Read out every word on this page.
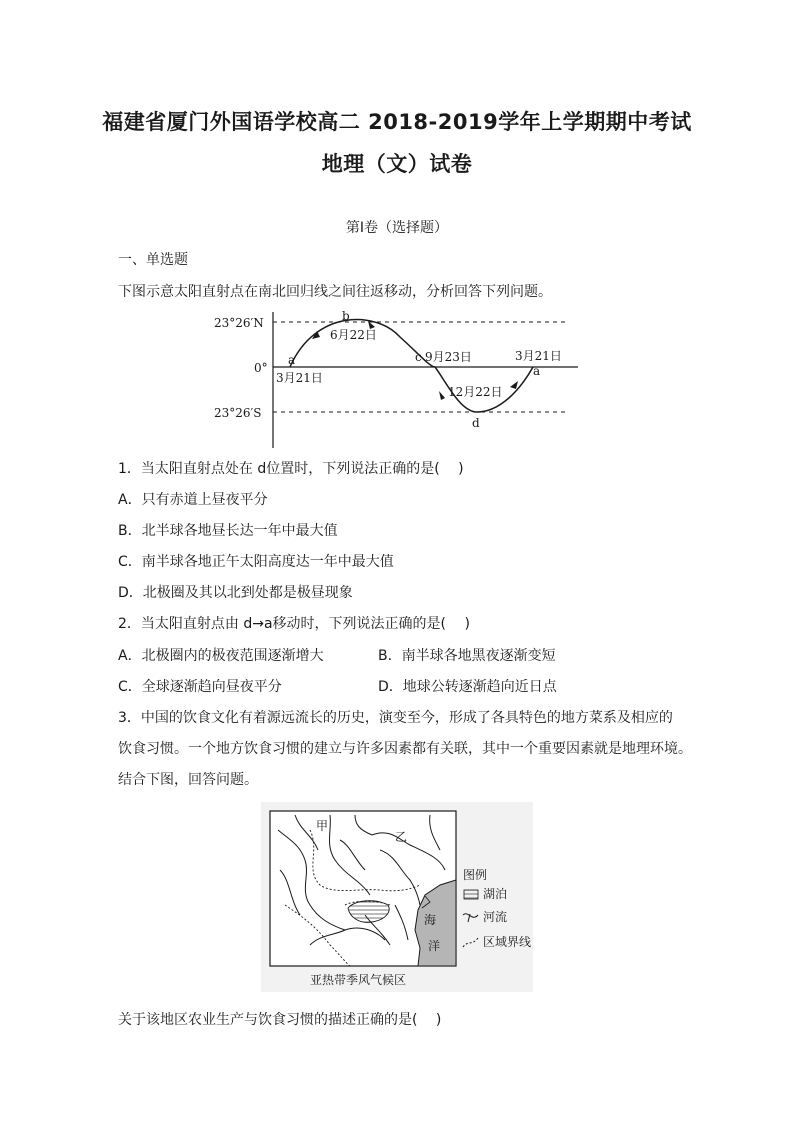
福建省厦门外国语学校高二 2018-2019学年上学期期中考试
地理（文）试卷
第Ⅰ卷（选择题）
一、单选题
下图示意太阳直射点在南北回归线之间往返移动，分析回答下列问题。
23°26′N
0°
23°26′S
a
3月21日
b
6月22日
c 9月23日
12月22日
d
3月21日
a
1．当太阳直射点处在 d位置时，下列说法正确的是(　 )
A．只有赤道上昼夜平分
B．北半球各地昼长达一年中最大值
C．南半球各地正午太阳高度达一年中最大值
D．北极圈及其以北到处都是极昼现象
2．当太阳直射点由 d→a移动时，下列说法正确的是(　 )
A．北极圈内的极夜范围逐渐增大	B．南半球各地黑夜逐渐变短
C．全球逐渐趋向昼夜平分	D．地球公转逐渐趋向近日点
3．中国的饮食文化有着源远流长的历史，演变至今，形成了各具特色的地方菜系及相应的
饮食习惯。一个地方饮食习惯的建立与许多因素都有关联，其中一个重要因素就是地理环境。
结合下图，回答问题。
甲
乙
海
洋
图例
湖泊
河流
区域界线
亚热带季风气候区
关于该地区农业生产与饮食习惯的描述正确的是(　 )
